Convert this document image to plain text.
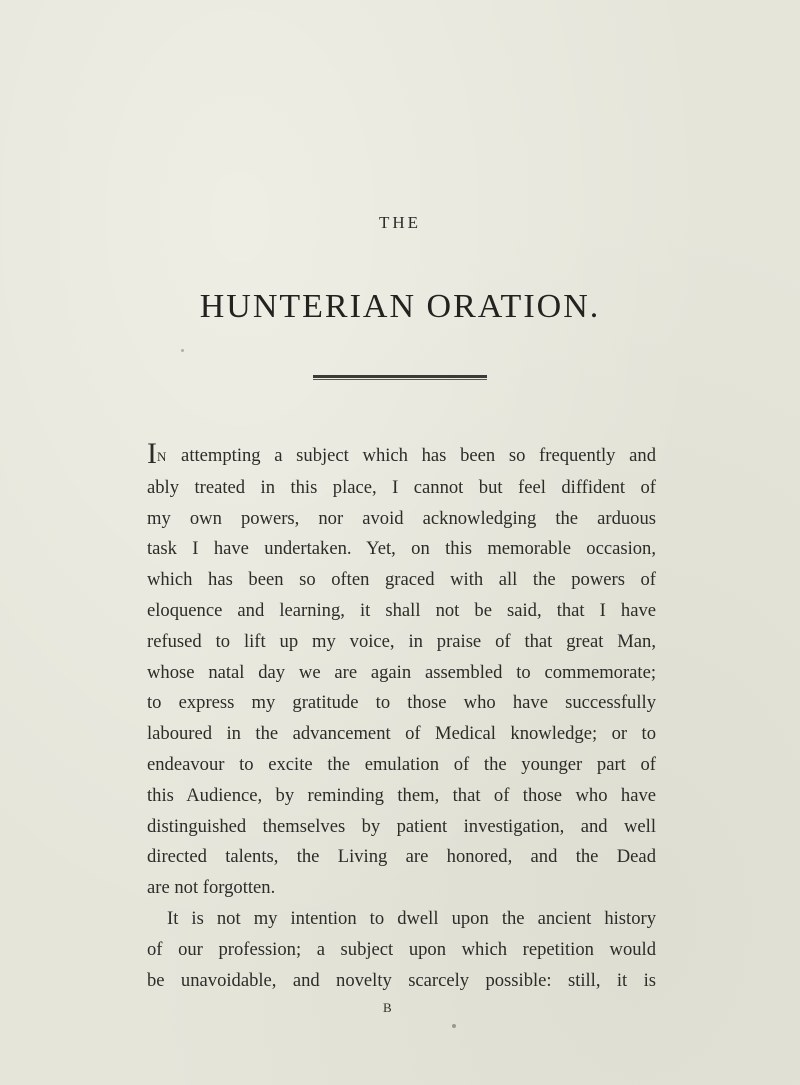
THE
HUNTERIAN ORATION.
IN attempting a subject which has been so frequently and
ably treated in this place, I cannot but feel diffident of
my own powers, nor avoid acknowledging the arduous
task I have undertaken. Yet, on this memorable occasion,
which has been so often graced with all the powers of
eloquence and learning, it shall not be said, that I have
refused to lift up my voice, in praise of that great Man,
whose natal day we are again assembled to commemorate;
to express my gratitude to those who have successfully
laboured in the advancement of Medical knowledge; or to
endeavour to excite the emulation of the younger part of
this Audience, by reminding them, that of those who have
distinguished themselves by patient investigation, and well
directed talents, the Living are honored, and the Dead
are not forgotten.
It is not my intention to dwell upon the ancient history
of our profession; a subject upon which repetition would
be unavoidable, and novelty scarcely possible: still, it is
B
